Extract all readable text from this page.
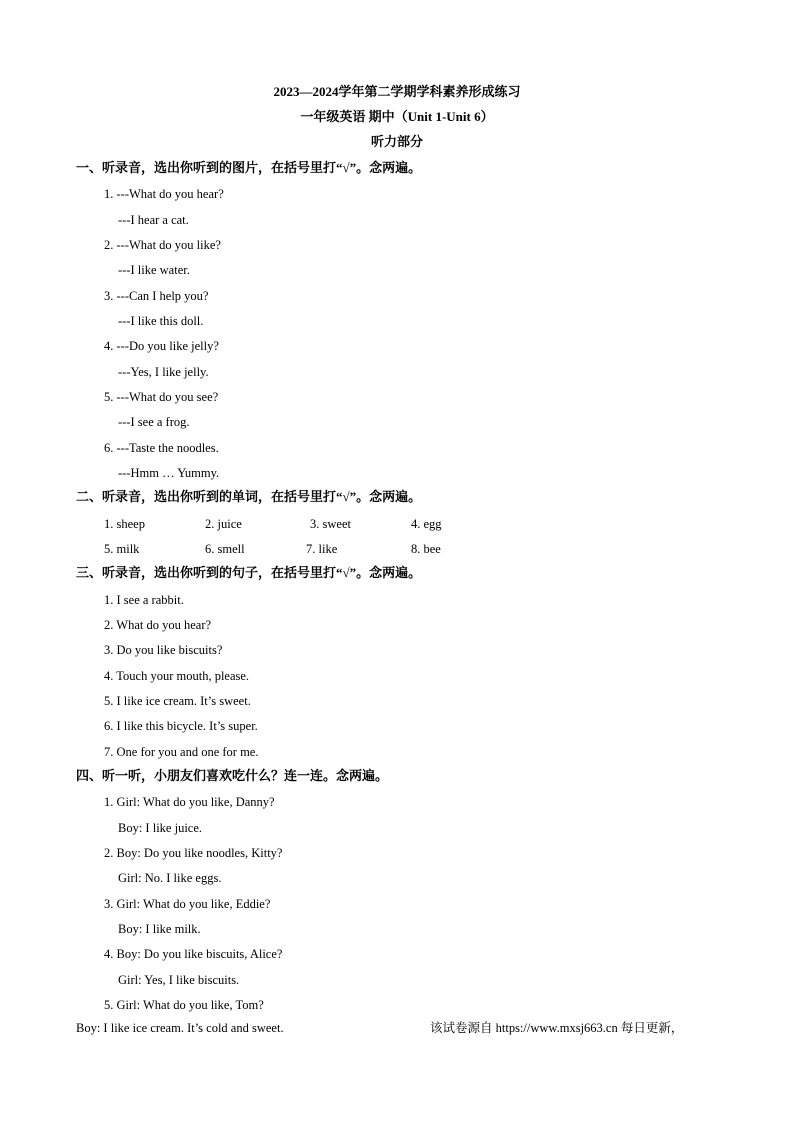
2023—2024学年第二学期学科素养形成练习
一年级英语 期中（Unit 1-Unit 6）
听力部分
一、听录音，选出你听到的图片，在括号里打“√”。念两遍。
1. ---What do you hear?
---I hear a cat.
2. ---What do you like?
---I like water.
3. ---Can I help you?
---I like this doll.
4. ---Do you like jelly?
---Yes, I like jelly.
5. ---What do you see?
---I see a frog.
6. ---Taste the noodles.
---Hmm … Yummy.
二、听录音，选出你听到的单词，在括号里打“√”。念两遍。
1. sheep	2. juice	3. sweet	4. egg
5. milk	6. smell	7. like	8. bee
三、听录音，选出你听到的句子，在括号里打“√”。念两遍。
1. I see a rabbit.
2. What do you hear?
3. Do you like biscuits?
4. Touch your mouth, please.
5. I like ice cream. It’s sweet.
6. I like this bicycle. It’s super.
7. One for you and one for me.
四、听一听，小朋友们喜欢吃什么？连一连。念两遍。
1. Girl: What do you like, Danny?
Boy: I like juice.
2. Boy: Do you like noodles, Kitty?
Girl: No. I like eggs.
3. Girl: What do you like, Eddie?
Boy: I like milk.
4. Boy: Do you like biscuits, Alice?
Girl: Yes, I like biscuits.
5. Girl: What do you like, Tom?
Boy: I like ice cream. It’s cold and sweet.	该试卷源自 https://www.mxsj663.cn 每日更新，
